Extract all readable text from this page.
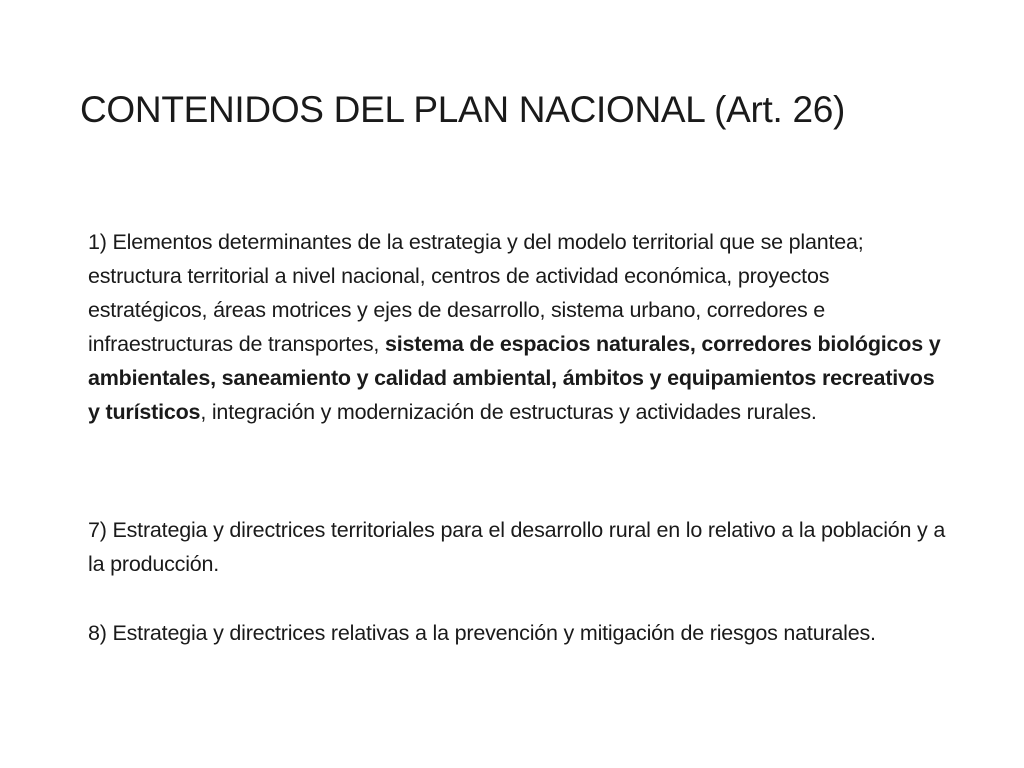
CONTENIDOS DEL PLAN NACIONAL (Art. 26)
1) Elementos determinantes de la estrategia y del modelo territorial que se plantea; estructura territorial a nivel nacional, centros de actividad económica, proyectos estratégicos, áreas motrices y ejes de desarrollo, sistema urbano, corredores e infraestructuras de transportes, sistema de espacios naturales, corredores biológicos y ambientales, saneamiento y calidad ambiental, ámbitos y equipamientos recreativos y turísticos, integración y modernización de estructuras y actividades rurales.
7) Estrategia y directrices territoriales para el desarrollo rural en lo relativo a la población y a la producción.
8) Estrategia y directrices relativas a la prevención y mitigación de riesgos naturales.
